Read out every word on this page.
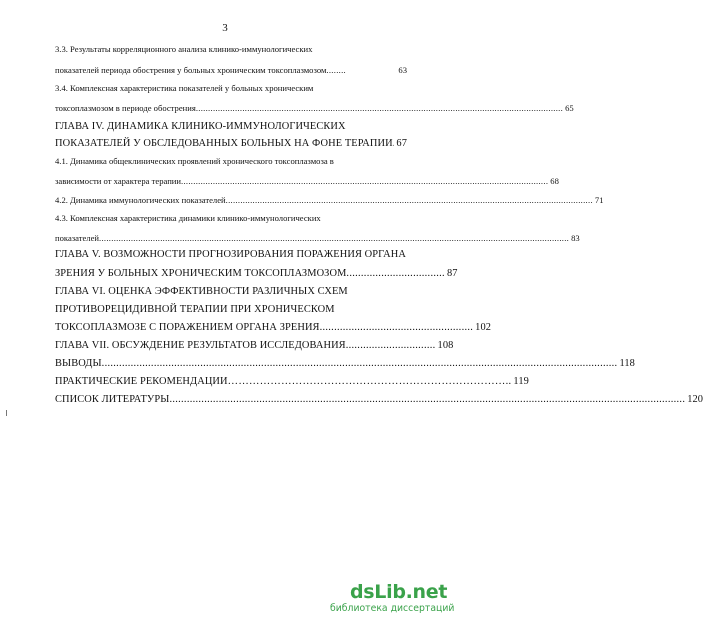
3
3.3. Результаты корреляционного анализа клинико-иммунологических
показателей периода обострения у больных хроническим токсоплазмозом ........	63
3.4. Комплексная характеристика показателей у больных хроническим
токсоплазмозом в периоде обострения ...................................................................................................................................................... 65
ГЛАВА IV. ДИНАМИКА КЛИНИКО-ИММУНОЛОГИЧЕСКИХ
ПОКАЗАТЕЛЕЙ У ОБСЛЕДОВАННЫХ БОЛЬНЫХ НА ФОНЕ ТЕРАПИИ 67
4.1. Динамика общеклинических проявлений хронического токсоплазмоза в
зависимости от характера терапии ...................................................................................................................................................... 68
4.2. Динамика иммунологических показателей ...................................................................................................................................................... 71
4.3. Комплексная характеристика динамики клинико-иммунологических
показателей ................................................................................................................................................................................................ 83
ГЛАВА V. ВОЗМОЖНОСТИ ПРОГНОЗИРОВАНИЯ ПОРАЖЕНИЯ ОРГАНА
ЗРЕНИЯ У БОЛЬНЫХ ХРОНИЧЕСКИМ ТОКСОПЛАЗМОЗОМ .................................. 87
ГЛАВА VI. ОЦЕНКА ЭФФЕКТИВНОСТИ РАЗЛИЧНЫХ СХЕМ
ПРОТИВОРЕЦИДИВНОЙ ТЕРАПИИ ПРИ ХРОНИЧЕСКОМ
ТОКСОПЛАЗМОЗЕ С ПОРАЖЕНИЕМ ОРГАНА ЗРЕНИЯ ..................................................... 102
ГЛАВА VII. ОБСУЖДЕНИЕ РЕЗУЛЬТАТОВ ИССЛЕДОВАНИЯ ............................... 108
ВЫВОДЫ .................................................................................................................................................................................. 118
ПРАКТИЧЕСКИЕ РЕКОМЕНДАЦИИ …………………………………………………………………….. 119
СПИСОК ЛИТЕРАТУРЫ .................................................................................................................................................................................. 120
dsLib.net
библиотека диссертаций
